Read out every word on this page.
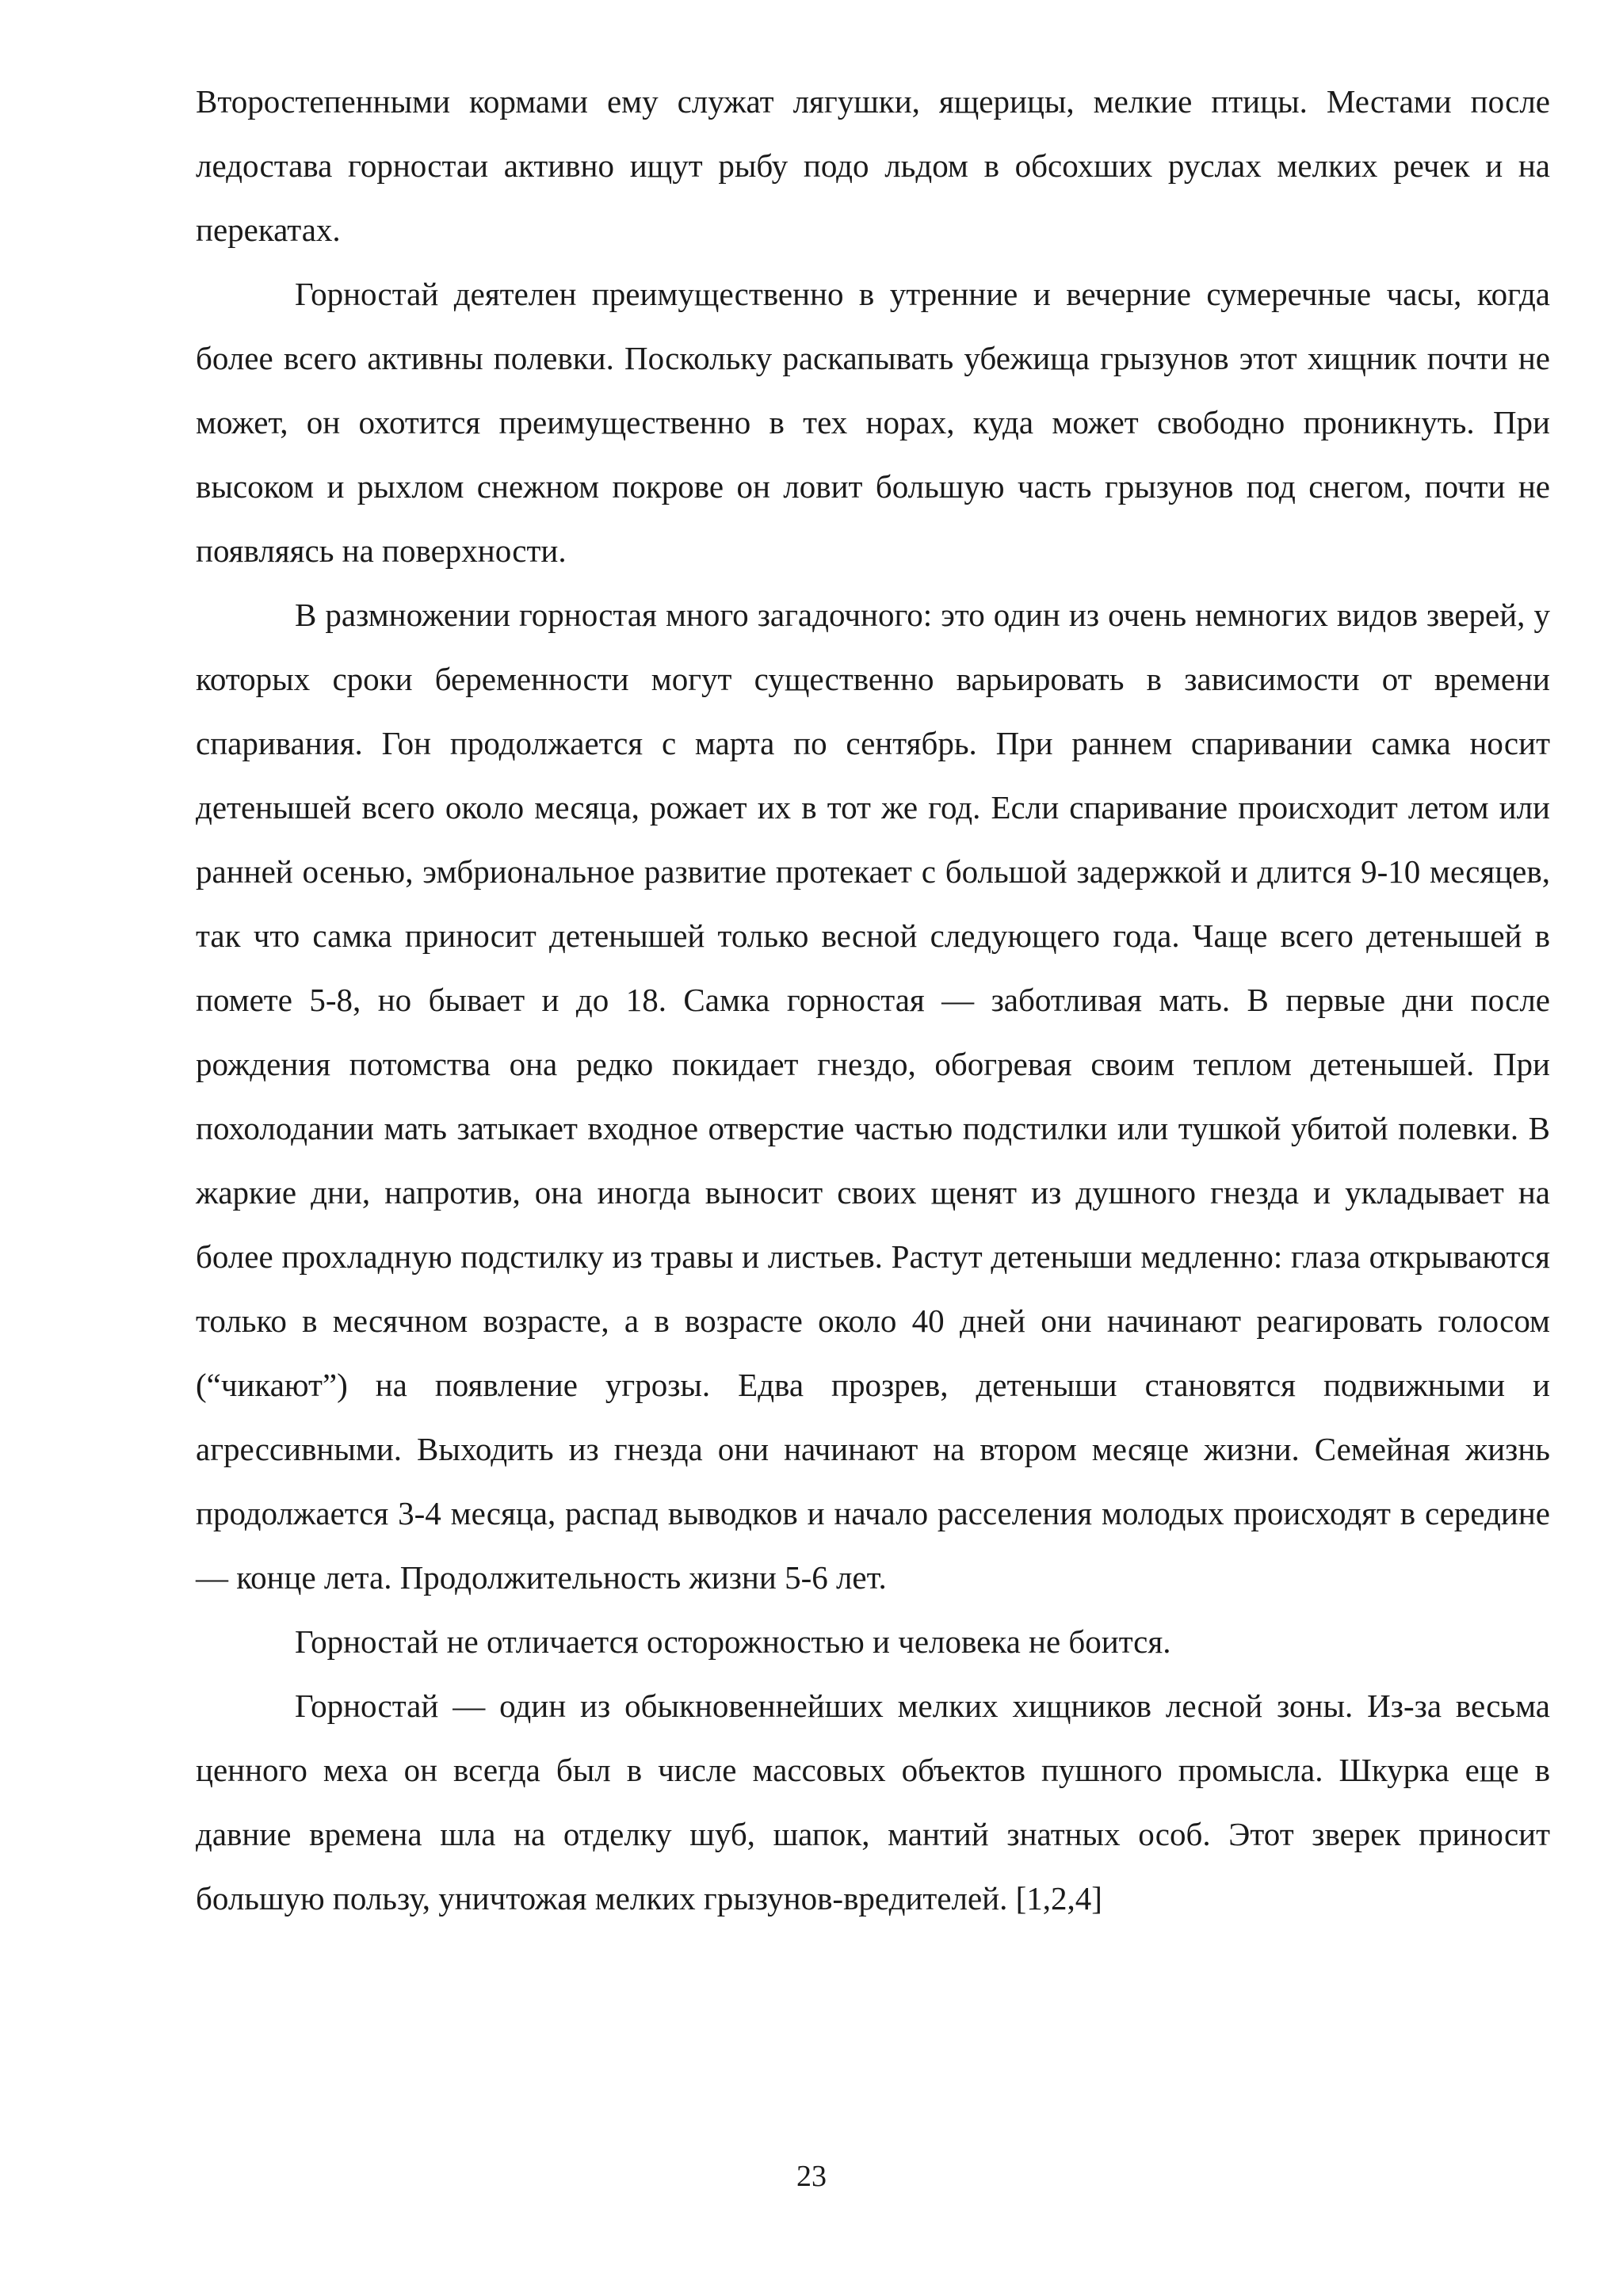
Второстепенными кормами ему служат лягушки, ящерицы, мелкие птицы. Местами после ледостава горностаи активно ищут рыбу подо льдом в обсохших руслах мелких речек и на перекатах.

Горностай деятелен преимущественно в утренние и вечерние сумеречные часы, когда более всего активны полевки. Поскольку раскапывать убежища грызунов этот хищник почти не может, он охотится преимущественно в тех норах, куда может свободно проникнуть. При высоком и рыхлом снежном покрове он ловит большую часть грызунов под снегом, почти не появляясь на поверхности.

В размножении горностая много загадочного: это один из очень немногих видов зверей, у которых сроки беременности могут существенно варьировать в зависимости от времени спаривания. Гон продолжается с марта по сентябрь. При раннем спаривании самка носит детенышей всего около месяца, рожает их в тот же год. Если спаривание происходит летом или ранней осенью, эмбриональное развитие протекает с большой задержкой и длится 9-10 месяцев, так что самка приносит детенышей только весной следующего года. Чаще всего детенышей в помете 5-8, но бывает и до 18. Самка горностая — заботливая мать. В первые дни после рождения потомства она редко покидает гнездо, обогревая своим теплом детенышей. При похолодании мать затыкает входное отверстие частью подстилки или тушкой убитой полевки. В жаркие дни, напротив, она иногда выносит своих щенят из душного гнезда и укладывает на более прохладную подстилку из травы и листьев. Растут детеныши медленно: глаза открываются только в месячном возрасте, а в возрасте около 40 дней они начинают реагировать голосом (“чикают”) на появление угрозы. Едва прозрев, детеныши становятся подвижными и агрессивными. Выходить из гнезда они начинают на втором месяце жизни. Семейная жизнь продолжается 3-4 месяца, распад выводков и начало расселения молодых происходят в середине— конце лета. Продолжительность жизни 5-6 лет.

Горностай не отличается осторожностью и человека не боится.

Горностай — один из обыкновеннейших мелких хищников лесной зоны. Из-за весьма ценного меха он всегда был в числе массовых объектов пушного промысла. Шкурка еще в давние времена шла на отделку шуб, шапок, мантий знатных особ. Этот зверек приносит большую пользу, уничтожая мелких грызунов-вредителей. [1,2,4]

23
